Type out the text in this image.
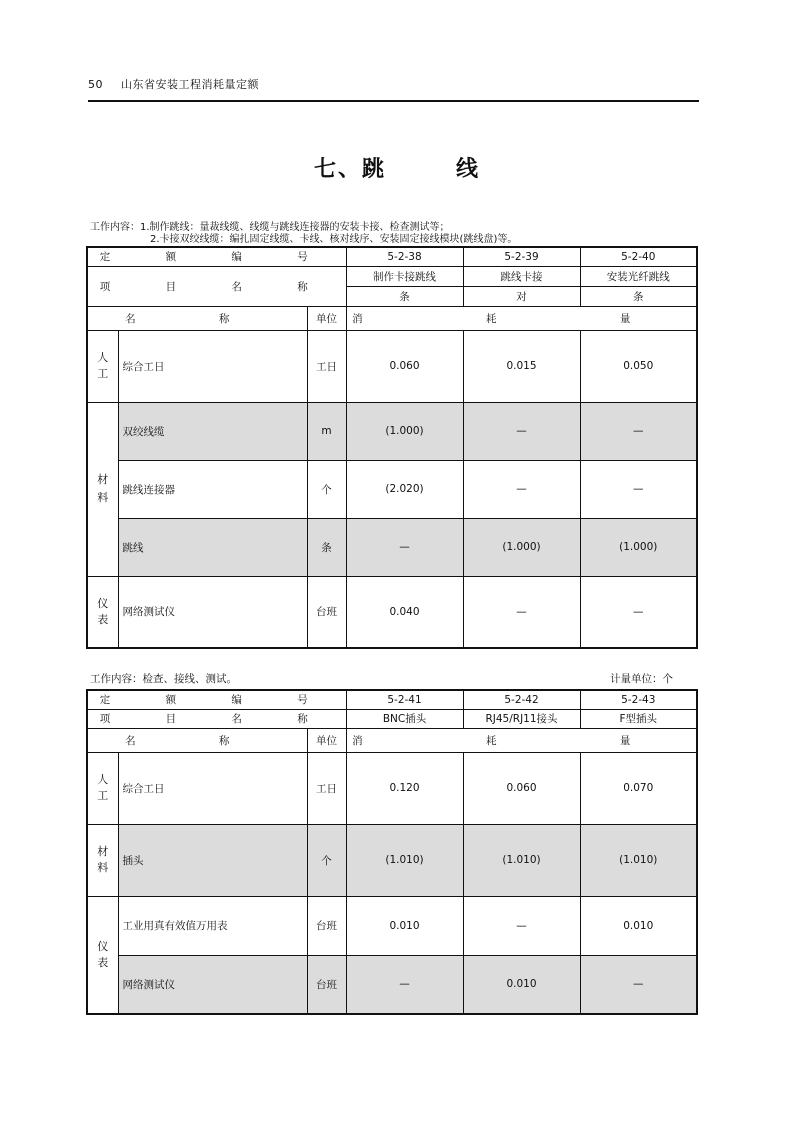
50 山东省安装工程消耗量定额
七、跳	线
工作内容：1.制作跳线：量裁线缆、线缆与跳线连接器的安装卡接、检查测试等；
2.卡接双绞线缆：编扎固定线缆、卡线、核对线序、安装固定接线模块(跳线盘)等。
定 额 编 号			5-2-38	5-2-39	5-2-40
项 目 名 称			制作卡接跳线	跳线卡接	安装光纤跳线
			条	对	条
名 称		单位	消 耗 量		
人
工	综合工日	工日	0.060	0.015	0.050

材
料	双绞线缆	m	(1.000)	—	—
	跳线连接器	个	(2.020)	—	—
	跳线	条	—	(1.000)	(1.000)
仪
表	网络测试仪	台班	0.040	—	—
工作内容：检查、接线、测试。	计量单位：个
定 额 编 号			5-2-41	5-2-42	5-2-43
项 目 名 称			BNC插头	RJ45/RJ11接头	F型插头
名 称		单位	消 耗 量		
人
工	综合工日	工日	0.120	0.060	0.070
材
料	插头	个	(1.010)	(1.010)	(1.010)
仪
表	工业用真有效值万用表	台班	0.010	—	0.010
	网络测试仪	台班	—	0.010	—
